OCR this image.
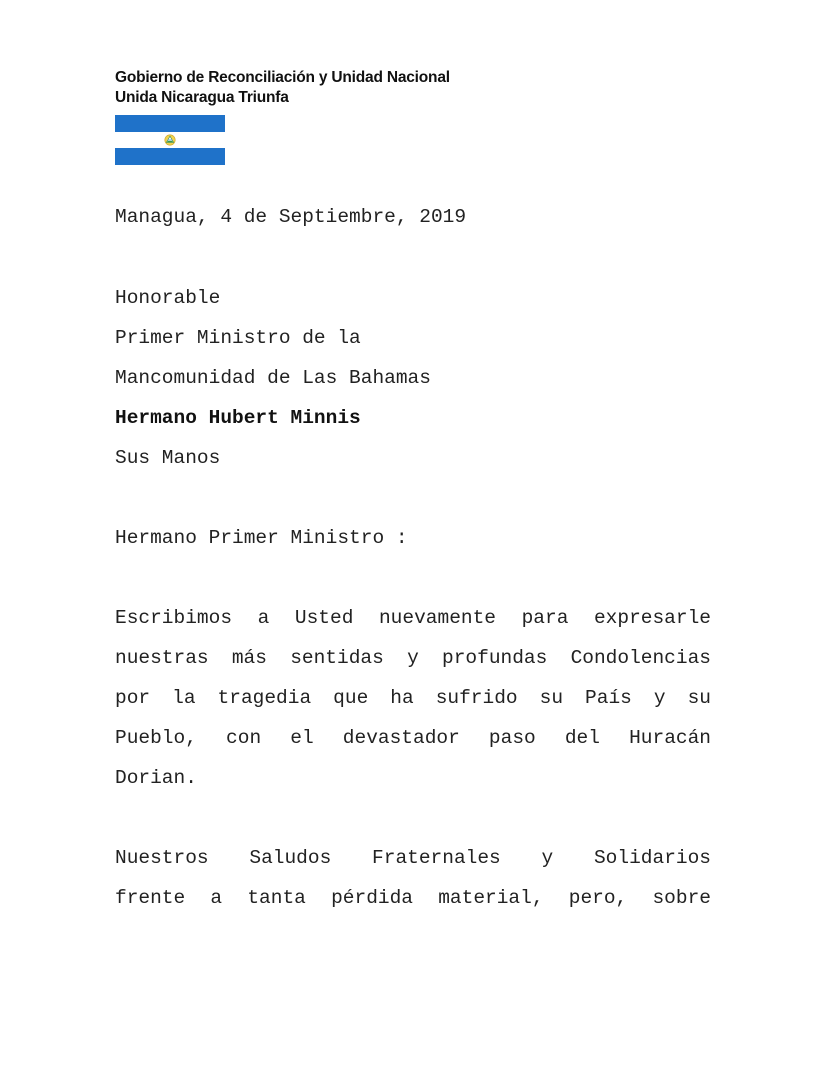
Gobierno de Reconciliación y Unidad Nacional
Unida Nicaragua Triunfa
Managua, 4 de Septiembre, 2019
Honorable
Primer Ministro de la
Mancomunidad de Las Bahamas
Hermano Hubert Minnis
Sus Manos
Hermano Primer Ministro :
Escribimos a Usted nuevamente para expresarle
nuestras más sentidas y profundas Condolencias
por la tragedia que ha sufrido su País y su
Pueblo, con el devastador paso del Huracán
Dorian.
Nuestros Saludos Fraternales y Solidarios
frente a tanta pérdida material, pero, sobre
